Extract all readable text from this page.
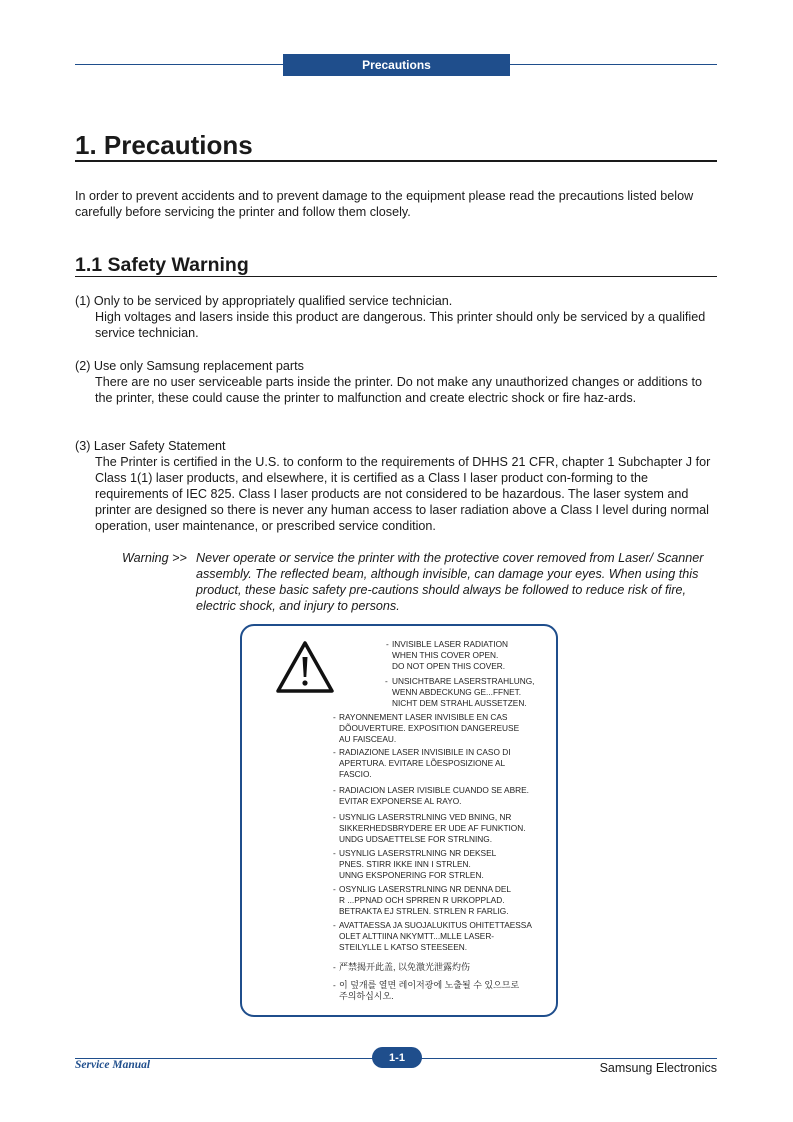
Precautions
1. Precautions
In order to prevent accidents and to prevent damage to the equipment please read the precautions listed below carefully before servicing the printer and follow them closely.
1.1 Safety Warning
(1) Only to be serviced by appropriately qualified service technician.
High voltages and lasers inside this product are dangerous. This printer should only be serviced by a qualified service technician.
(2) Use only Samsung replacement parts
There are no user serviceable parts inside the printer. Do not make any unauthorized changes or additions to the printer, these could cause the printer to malfunction and create electric shock or fire haz-ards.
(3) Laser Safety Statement
The Printer is certified in the U.S. to conform to the requirements of DHHS 21 CFR, chapter 1 Subchapter J for Class 1(1) laser products, and elsewhere, it is certified as a Class I laser product con-forming to the requirements of IEC 825. Class I laser products are not considered to be hazardous. The laser system and printer are designed so there is never any human access to laser radiation above a Class I level during normal operation, user maintenance, or prescribed service condition.
Warning >> Never operate or service the printer with the protective cover removed from Laser/ Scanner assembly. The reflected beam, although invisible, can damage your eyes. When using this product, these basic safety pre-cautions should always be followed to reduce risk of fire, electric shock, and injury to persons.
- INVISIBLE LASER RADIATION
WHEN THIS COVER OPEN.
DO NOT OPEN THIS COVER.
- UNSICHTBARE LASERSTRAHLUNG,
WENN ABDECKUNG GE...FFNET.
NICHT DEM STRAHL AUSSETZEN.
- RAYONNEMENT LASER INVISIBLE EN CAS
DÕOUVERTURE. EXPOSITION DANGEREUSE
AU FAISCEAU.
- RADIAZIONE LASER INVISIBILE IN CASO DI
APERTURA. EVITARE LÕESPOSIZIONE AL
FASCIO.
- RADIACION LASER IVISIBLE CUANDO SE ABRE.
EVITAR EXPONERSE AL RAYO.
- USYNLIG LASERSTRLNING VED BNING, NR
SIKKERHEDSBRYDERE ER UDE AF FUNKTION.
UNDG UDSAETTELSE FOR STRLNING.
- USYNLIG LASERSTRLNING NR DEKSEL
PNES. STIRR IKKE INN I STRLEN.
UNNG EKSPONERING FOR STRLEN.
- OSYNLIG LASERSTRLNING NR DENNA DEL
R ...PPNAD OCH SPRREN R URKOPPLAD.
BETRAKTA EJ STRLEN. STRLEN R FARLIG.
- AVATTAESSA JA SUOJALUKITUS OHITETTAESSA
OLET ALTTIINA NKYMTT...MLLE LASER-
STEILYLLE L KATSO STEESEEN.
- 严禁揭开此盖, 以免激光泄露灼伤
- 이 덮개를 열면 레이저광에 노출될 수 있으므로
주의하십시오.
1-1
Service Manual	Samsung Electronics
